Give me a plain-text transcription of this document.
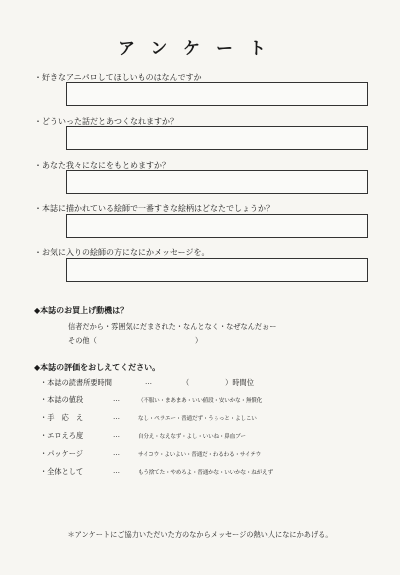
アンケート
・好きなアニパロしてほしいものはなんですか
・どういった話だとあつくなれますか？
・あなた我々になにをもとめますか？
・本誌に描かれている絵師で一番すきな絵柄はどなたでしょうか？
・お気に入りの絵師の方になにかメッセージを。
◆本誌のお買上げ動機は？
信者だから・雰囲気にだまされた・なんとなく・なぜなんだぉー
その他（	）
◆本誌の評価をおしえてください。
・本誌の読書所要時間	…	（　　　　　）時間位
・本誌の値段	…	（不服い・まあまあ・いい値段・安いかな・無償化
・手　応　え	…	なし・ペラエー・普通だず・うぅっと・よしこい
・エロえろ度	…	自分え・なえなず・よし・いいね・鼻血ブー
・パッケージ	…	サイコウ・よいよい・普通だ・わるわる・サイテウ
・全体として	…	もう捨てた・やめろよ・普通かな・いいかな・ねがえず
＊アンケートにご協力いただいた方のなからメッセージの熱い人になにかあげる。
